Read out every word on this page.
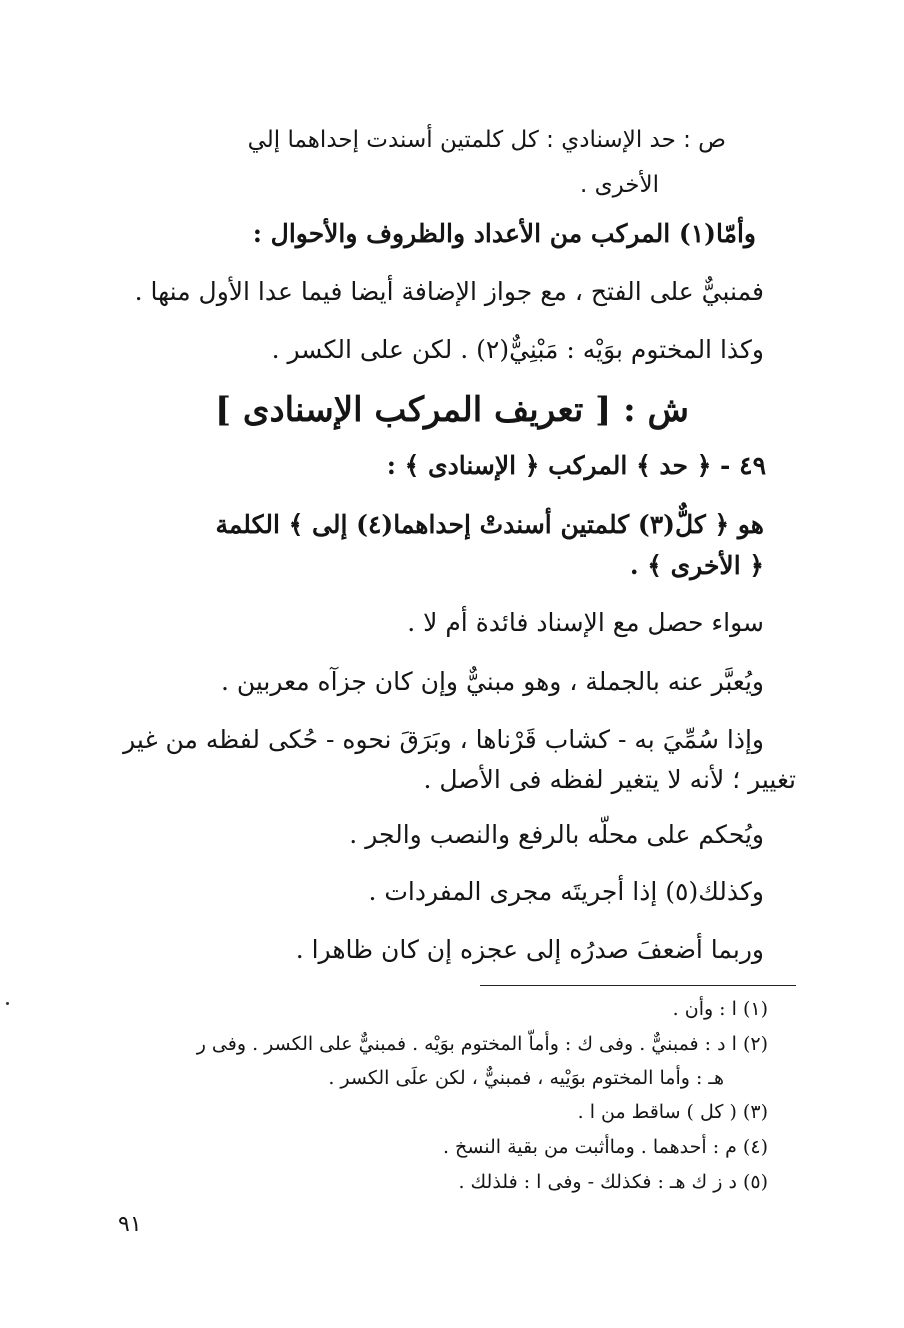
ص : حد الإسنادي : كل كلمتين أسندت إحداهما إلي

الأخرى .

وأمّا(١) المركب من الأعداد والظروف والأحوال :

فمنبيٌّ على الفتح ، مع جواز الإضافة أيضا فيما عدا الأول منها .

وكذا المختوم بوَيْه : مَبْنِيٌّ(٢) . لكن على الكسر .

ش : [ تعريف المركب الإسنادى ]

٤٩ - ﴿ حد ﴾ المركب ﴿ الإسنادى ﴾ :

هو ﴿ كلٌّ(٣) كلمتين أسندتْ إحداهما(٤) إلى ﴾ الكلمة

﴿ الأخرى ﴾ .

سواء حصل مع الإسناد فائدة أم لا .

ويُعبَّر عنه بالجملة ، وهو مبنيٌّ وإن كان جزآه معربين .

وإذا سُمِّيَ به - كشاب قَرْناها ، وبَرَقَ نحوه - حُكى لفظه من غير

تغيير ؛ لأنه لا يتغير لفظه فى الأصل .

ويُحكم على محلّه بالرفع والنصب والجر .

وكذلك(٥) إذا أجريتَه مجرى المفردات .

وربما أضعفَ صدرُه إلى عجزه إن كان ظاهرا .

(١) ا : وأن .

(٢) ا د : فمبنيٌّ . وفى ك : وأماّ المختوم بوَيْه . فمبنيٌّ على الكسر . وفى ر

هـ : وأما المختوم بوَيْيه ، فمبنيٌّ ، لكن علَى الكسر .

(٣) ( كل ) ساقط من ا .

(٤) م : أحدهما . وماأثبت من بقية النسخ .

(٥) د ز ك هـ : فكذلك - وفى ا : فلذلك .

٩١
